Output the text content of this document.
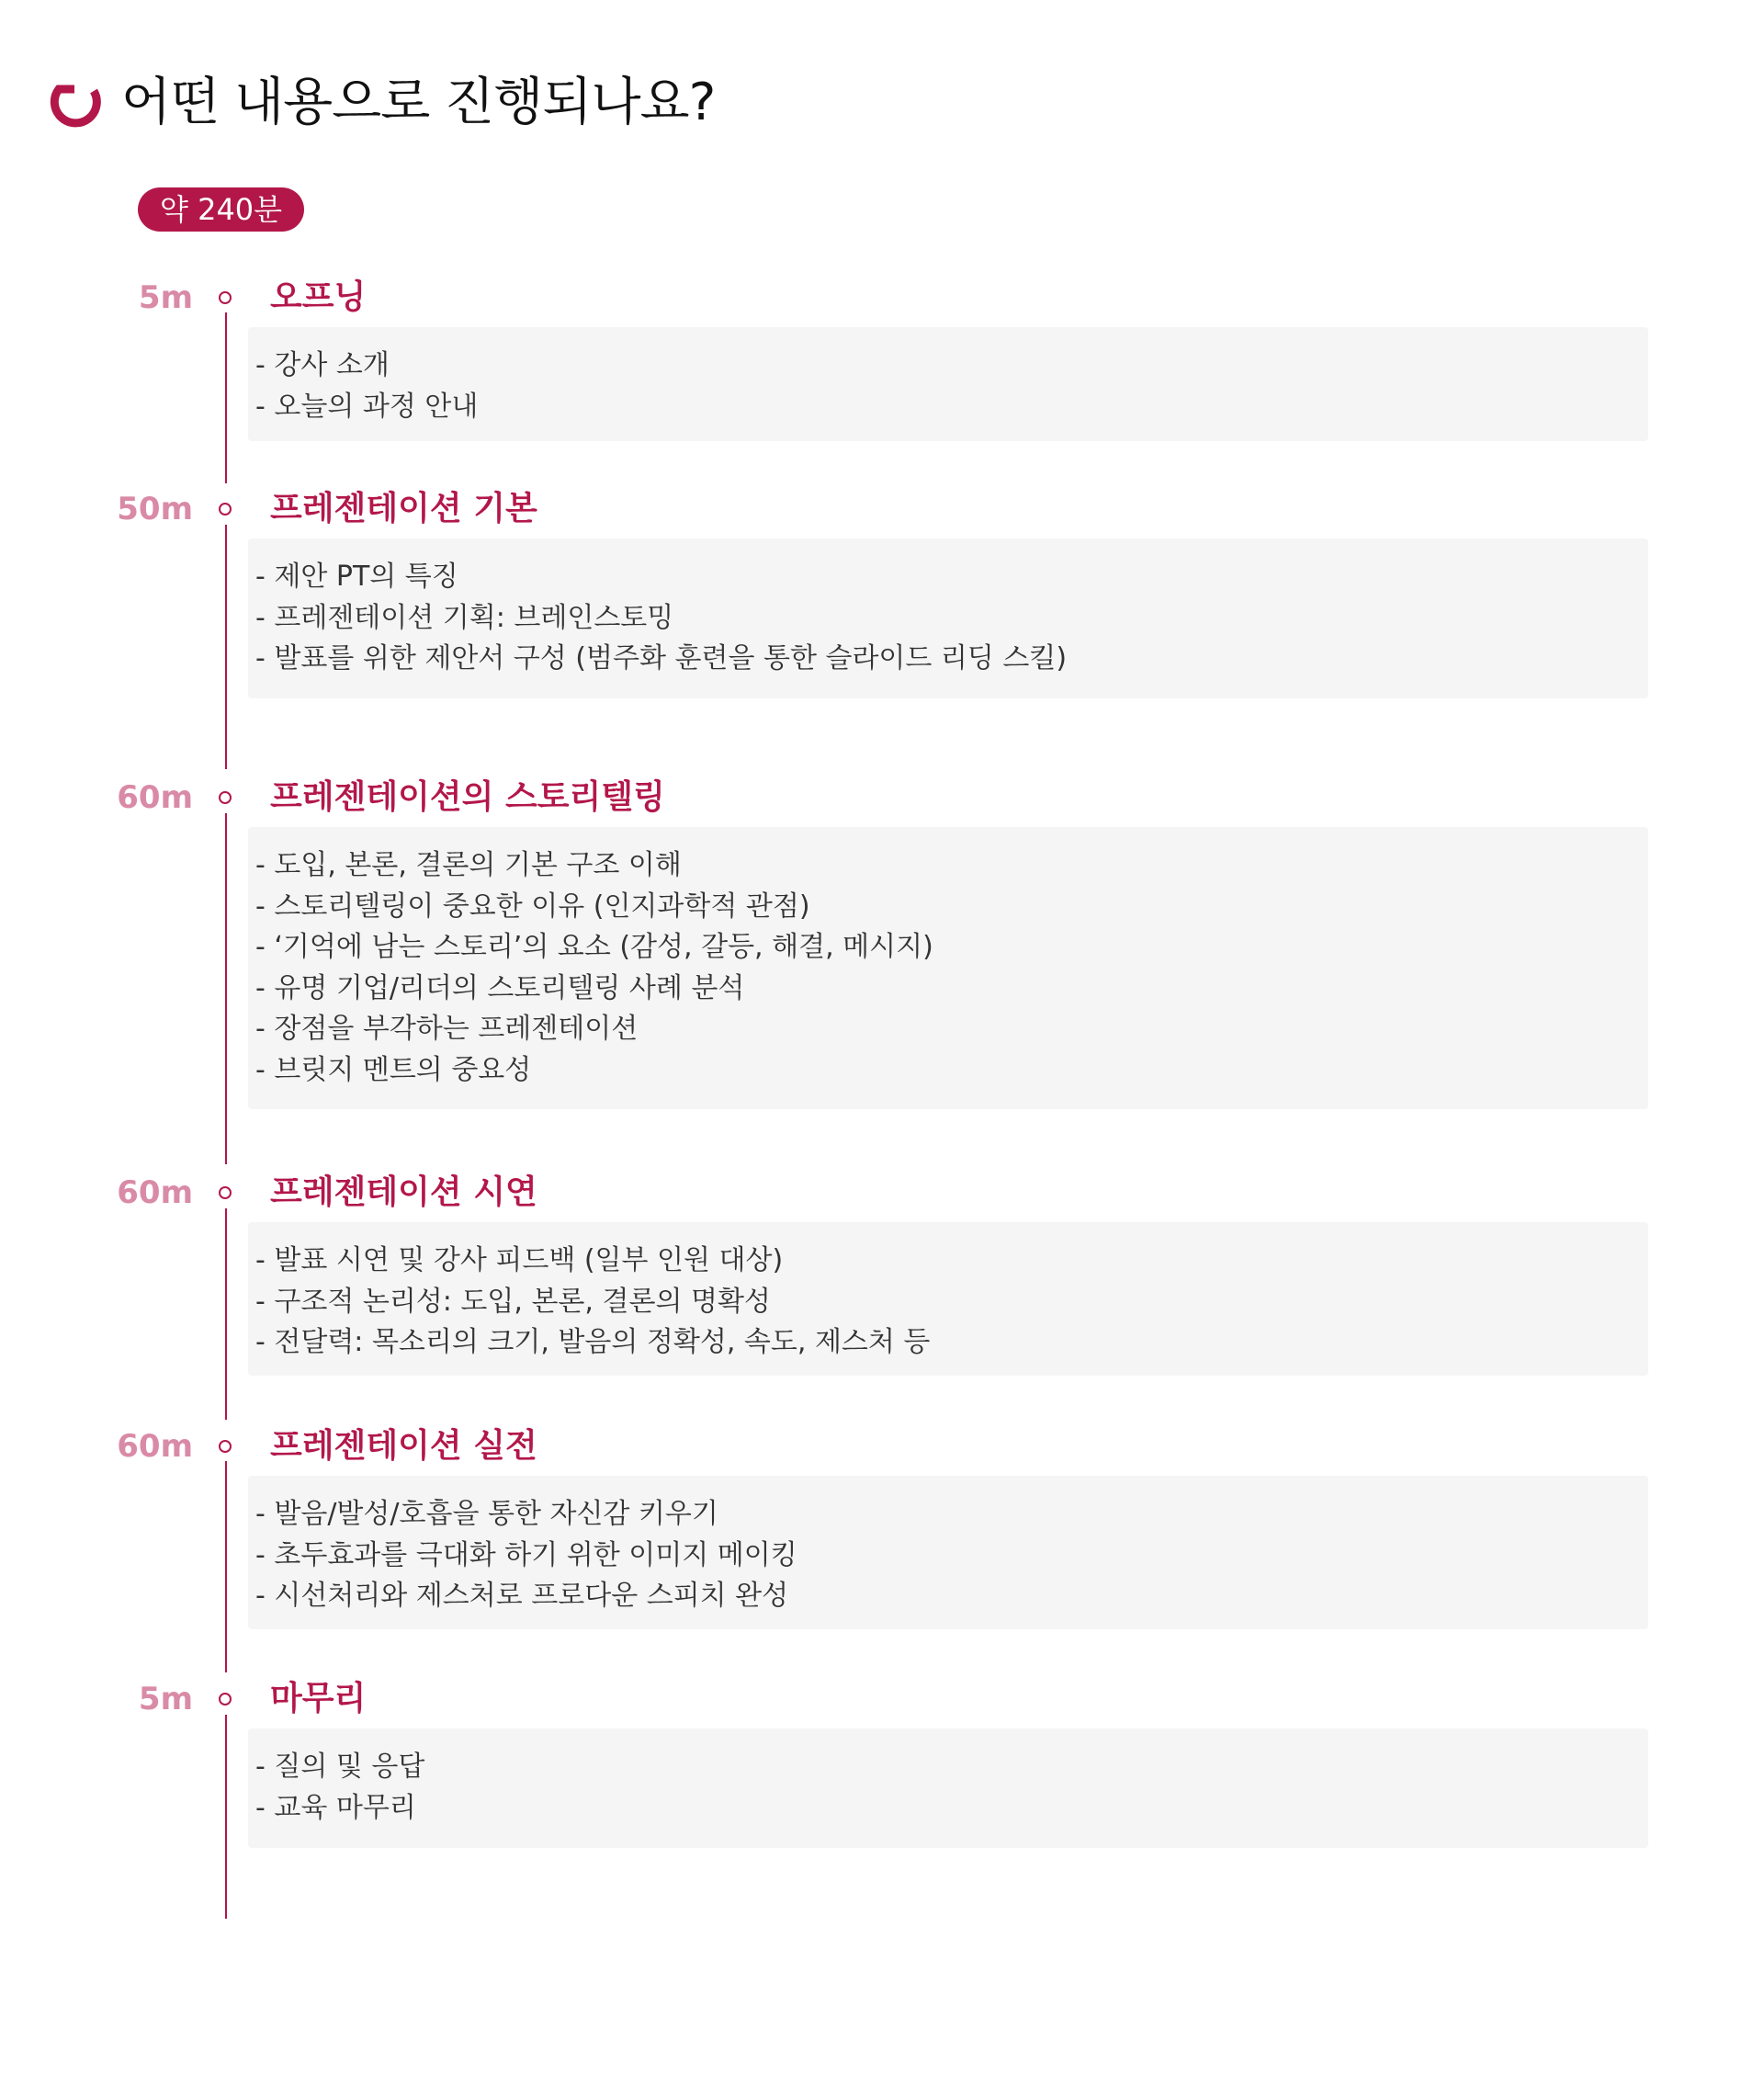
어떤 내용으로 진행되나요?
약 240분
5m 오프닝
- 강사 소개
- 오늘의 과정 안내
50m 프레젠테이션 기본
- 제안 PT의 특징
- 프레젠테이션 기획: 브레인스토밍
- 발표를 위한 제안서 구성 (범주화 훈련을 통한 슬라이드 리딩 스킬)
60m 프레젠테이션의 스토리텔링
- 도입, 본론, 결론의 기본 구조 이해
- 스토리텔링이 중요한 이유 (인지과학적 관점)
- ‘기억에 남는 스토리’의 요소 (감성, 갈등, 해결, 메시지)
- 유명 기업/리더의 스토리텔링 사례 분석
- 장점을 부각하는 프레젠테이션
- 브릿지 멘트의 중요성
60m 프레젠테이션 시연
- 발표 시연 및 강사 피드백 (일부 인원 대상)
- 구조적 논리성: 도입, 본론, 결론의 명확성
- 전달력: 목소리의 크기, 발음의 정확성, 속도, 제스처 등
60m 프레젠테이션 실전
- 발음/발성/호흡을 통한 자신감 키우기
- 초두효과를 극대화 하기 위한 이미지 메이킹
- 시선처리와 제스처로 프로다운 스피치 완성
5m 마무리
- 질의 및 응답
- 교육 마무리
